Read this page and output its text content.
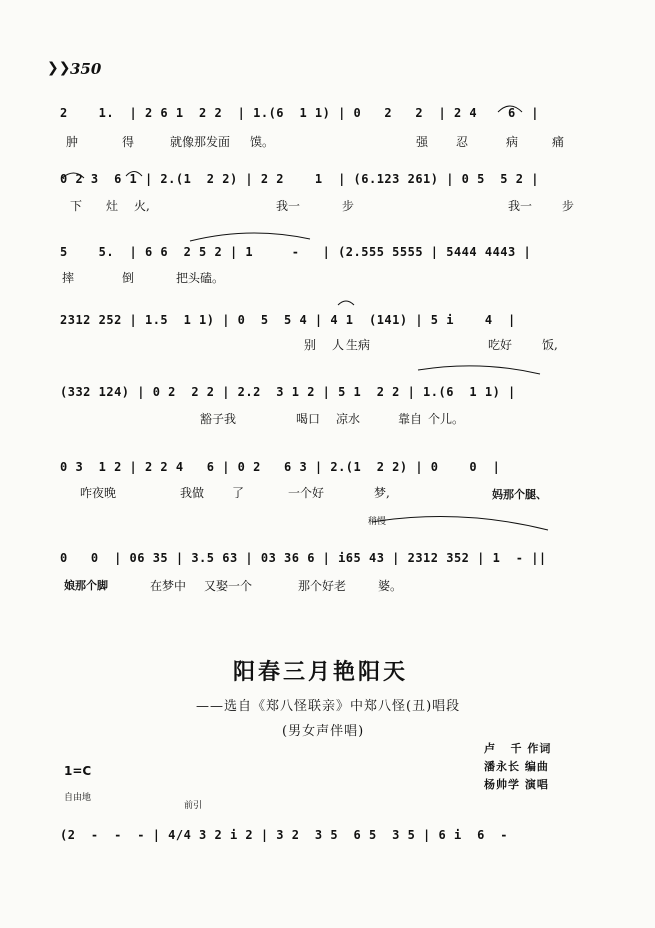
❯❯ 350
2    1.  | 2 6 1  2 2  | 1.(6  1 1) | 0   2   2  | 2 4    6  |
肿	得	就像那发面 馍。	强 忍	病	痛
0 2 3  6 1 | 2.(1  2 2) | 2 2    1  | (6.123 261) | 0 5  5 2 |
下 灶 火,	我一	步	我一 步
5    5.  | 6 6  2 5 2 | 1     -   | (2.555 5555 | 5444 4443 |
摔	倒	把头磕。
2312 252 | 1.5  1 1) | 0  5  5 4 | 4 1  (141) | 5 i    4  |
别 人 生病	吃好 饭,
(332 124) | 0 2  2 2 | 2.2  3 1 2 | 5 1  2 2 | 1.(6  1 1) |
豁子我	喝口 凉水	靠自 个儿。
0 3  1 2 | 2 2 4   6 | 0 2   6 3 | 2.(1  2 2) | 0    0  |
咋夜晚	我做 了	一个好	梦,	妈那个腿、
稍慢
0   0  | 06 35 | 3.5 63 | 03 36 6 | i65 43 | 2312 352 | 1  - ||
娘那个脚	在梦中 又娶一个	那个好老	婆。
阳春三月艳阳天
——选自《郑八怪联亲》中郑八怪(丑)唱段
(男女声伴唱)
卢   千 作词
潘永长 编曲
杨帅学 演唱
1=C
自由地
前引
(2  -  -  - | 4/4 3 2 i 2 | 3 2  3 5  6 5  3 5 | 6 i  6  -
